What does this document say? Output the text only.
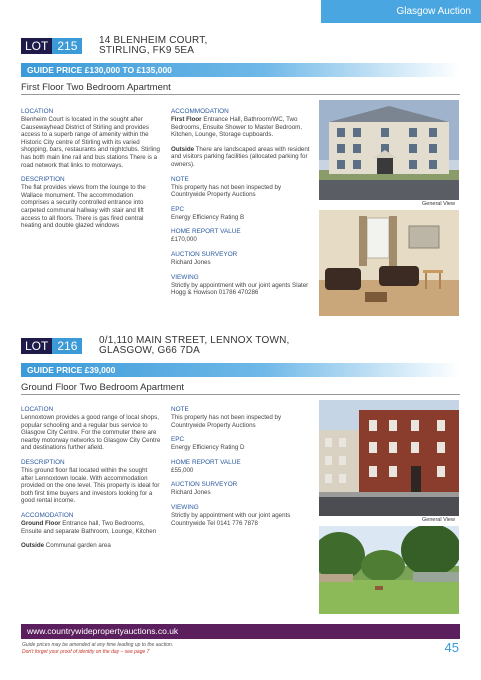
Glasgow Auction
LOT 215	14 BLENHEIM COURT,
STIRLING, FK9 5EA
GUIDE PRICE £130,000 TO £135,000
First Floor Two Bedroom Apartment
LOCATION

Blenheim Court is located in the sought after Causewayhead District of Stirling and provides access to a superb range of amenity within the Historic City centre of Stirling with its varied shopping, bars, restaurants and nightclubs. Stirling has both main line rail and bus stations There is a road network that links to motorways.

DESCRIPTION

The flat provides views from the lounge to the Wallace monument. The accommodation comprises a security controlled entrance into carpeted communal hallway with stair and lift access to all floors. There is gas fired central heating and double glazed windows

ACCOMMODATION

First Floor Entrance Hall, Bathroom/WC, Two Bedrooms, Ensuite Shower to Master Bedroom, Kitchen, Lounge, Storage cupboards.

Outside There are landscaped areas with resident and visitors parking facilities (allocated parking for owners).

NOTE

This property has not been inspected by Countrywide Property Auctions

EPC

Energy Efficiency Rating B

HOME REPORT VALUE

£170,000

AUCTION SURVEYOR

Richard Jones

VIEWING

Strictly by appointment with our joint agents Slater Hogg & Howison 01786 470286

General View
LOT 216	0/1,110 MAIN STREET, LENNOX TOWN,
GLASGOW, G66 7DA
GUIDE PRICE £39,000
Ground Floor Two Bedroom Apartment
LOCATION

Lennoxtown provides a good range of local shops, popular schooling and a regular bus service to Glasgow City Centre. For the commuter there are nearby motorway networks to Glasgow City Centre and destinations further afield.

DESCRIPTION

This ground floor flat located within the sought after Lennoxtown locale. With accommodation provided on the one level. This property is ideal for both first time buyers and investors looking for a good rental income.

ACCOMODATION

Ground Floor Entrance hall, Two Bedrooms, Ensuite and separate Bathroom, Lounge, Kitchen

Outside Communal garden area

NOTE

This property has not been inspected by Countrywide Property Auctions

EPC

Energy Efficiency Rating D

HOME REPORT VALUE

£55,000

AUCTION SURVEYOR

Richard Jones

VIEWING

Strictly by appointment with our joint agents Countrywide Tel 0141 776 7878	General View
www.countrywidepropertyauctions.co.uk
Guide prices may be amended at any time leading up to the auction.
Don't forget your proof of identity on the day – see page 7	45
